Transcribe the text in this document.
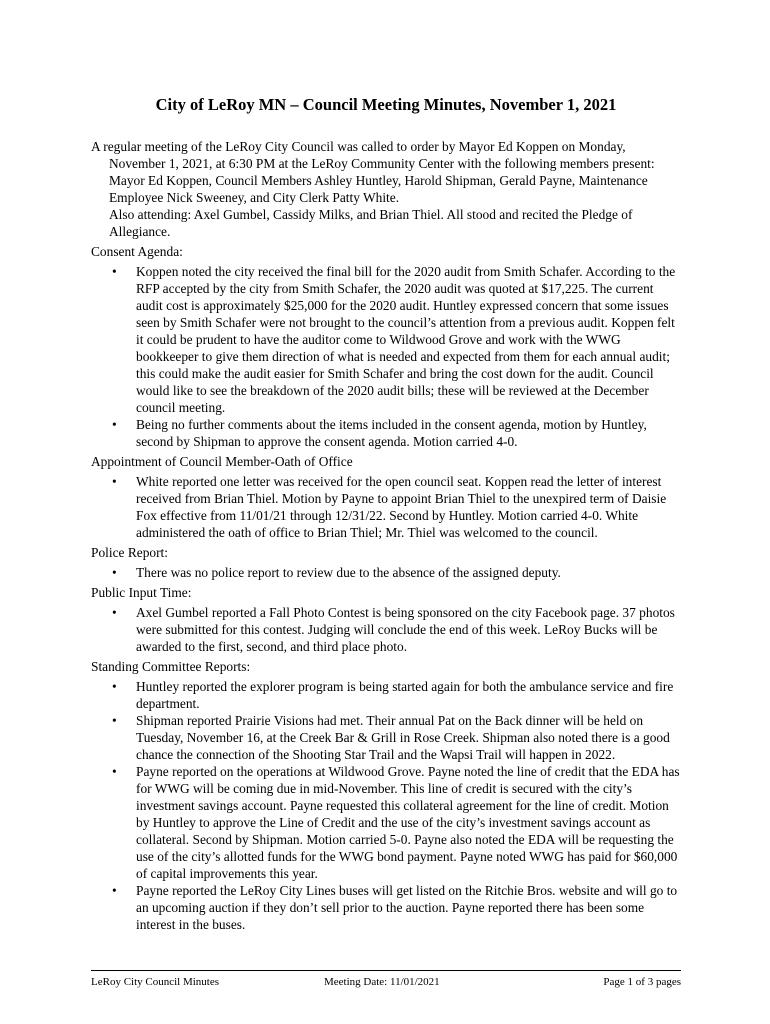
City of LeRoy MN – Council Meeting Minutes, November 1, 2021

A regular meeting of the LeRoy City Council was called to order by Mayor Ed Koppen on Monday, November 1, 2021, at 6:30 PM at the LeRoy Community Center with the following members present: Mayor Ed Koppen, Council Members Ashley Huntley, Harold Shipman, Gerald Payne, Maintenance Employee Nick Sweeney, and City Clerk Patty White.

Also attending: Axel Gumbel, Cassidy Milks, and Brian Thiel. All stood and recited the Pledge of Allegiance.

Consent Agenda:

• Koppen noted the city received the final bill for the 2020 audit from Smith Schafer. According to the RFP accepted by the city from Smith Schafer, the 2020 audit was quoted at $17,225. The current audit cost is approximately $25,000 for the 2020 audit. Huntley expressed concern that some issues seen by Smith Schafer were not brought to the council’s attention from a previous audit. Koppen felt it could be prudent to have the auditor come to Wildwood Grove and work with the WWG bookkeeper to give them direction of what is needed and expected from them for each annual audit; this could make the audit easier for Smith Schafer and bring the cost down for the audit. Council would like to see the breakdown of the 2020 audit bills; these will be reviewed at the December council meeting.
• Being no further comments about the items included in the consent agenda, motion by Huntley, second by Shipman to approve the consent agenda. Motion carried 4-0.

Appointment of Council Member-Oath of Office

• White reported one letter was received for the open council seat. Koppen read the letter of interest received from Brian Thiel. Motion by Payne to appoint Brian Thiel to the unexpired term of Daisie Fox effective from 11/01/21 through 12/31/22. Second by Huntley. Motion carried 4-0. White administered the oath of office to Brian Thiel; Mr. Thiel was welcomed to the council.

Police Report:

• There was no police report to review due to the absence of the assigned deputy.

Public Input Time:

• Axel Gumbel reported a Fall Photo Contest is being sponsored on the city Facebook page. 37 photos were submitted for this contest. Judging will conclude the end of this week. LeRoy Bucks will be awarded to the first, second, and third place photo.

Standing Committee Reports:

• Huntley reported the explorer program is being started again for both the ambulance service and fire department.
• Shipman reported Prairie Visions had met. Their annual Pat on the Back dinner will be held on Tuesday, November 16, at the Creek Bar & Grill in Rose Creek. Shipman also noted there is a good chance the connection of the Shooting Star Trail and the Wapsi Trail will happen in 2022.
• Payne reported on the operations at Wildwood Grove. Payne noted the line of credit that the EDA has for WWG will be coming due in mid-November. This line of credit is secured with the city’s investment savings account. Payne requested this collateral agreement for the line of credit. Motion by Huntley to approve the Line of Credit and the use of the city’s investment savings account as collateral. Second by Shipman. Motion carried 5-0. Payne also noted the EDA will be requesting the use of the city’s allotted funds for the WWG bond payment. Payne noted WWG has paid for $60,000 of capital improvements this year.
• Payne reported the LeRoy City Lines buses will get listed on the Ritchie Bros. website and will go to an upcoming auction if they don’t sell prior to the auction. Payne reported there has been some interest in the buses.
LeRoy City Council Minutes	Meeting Date: 11/01/2021	Page 1 of 3 pages
